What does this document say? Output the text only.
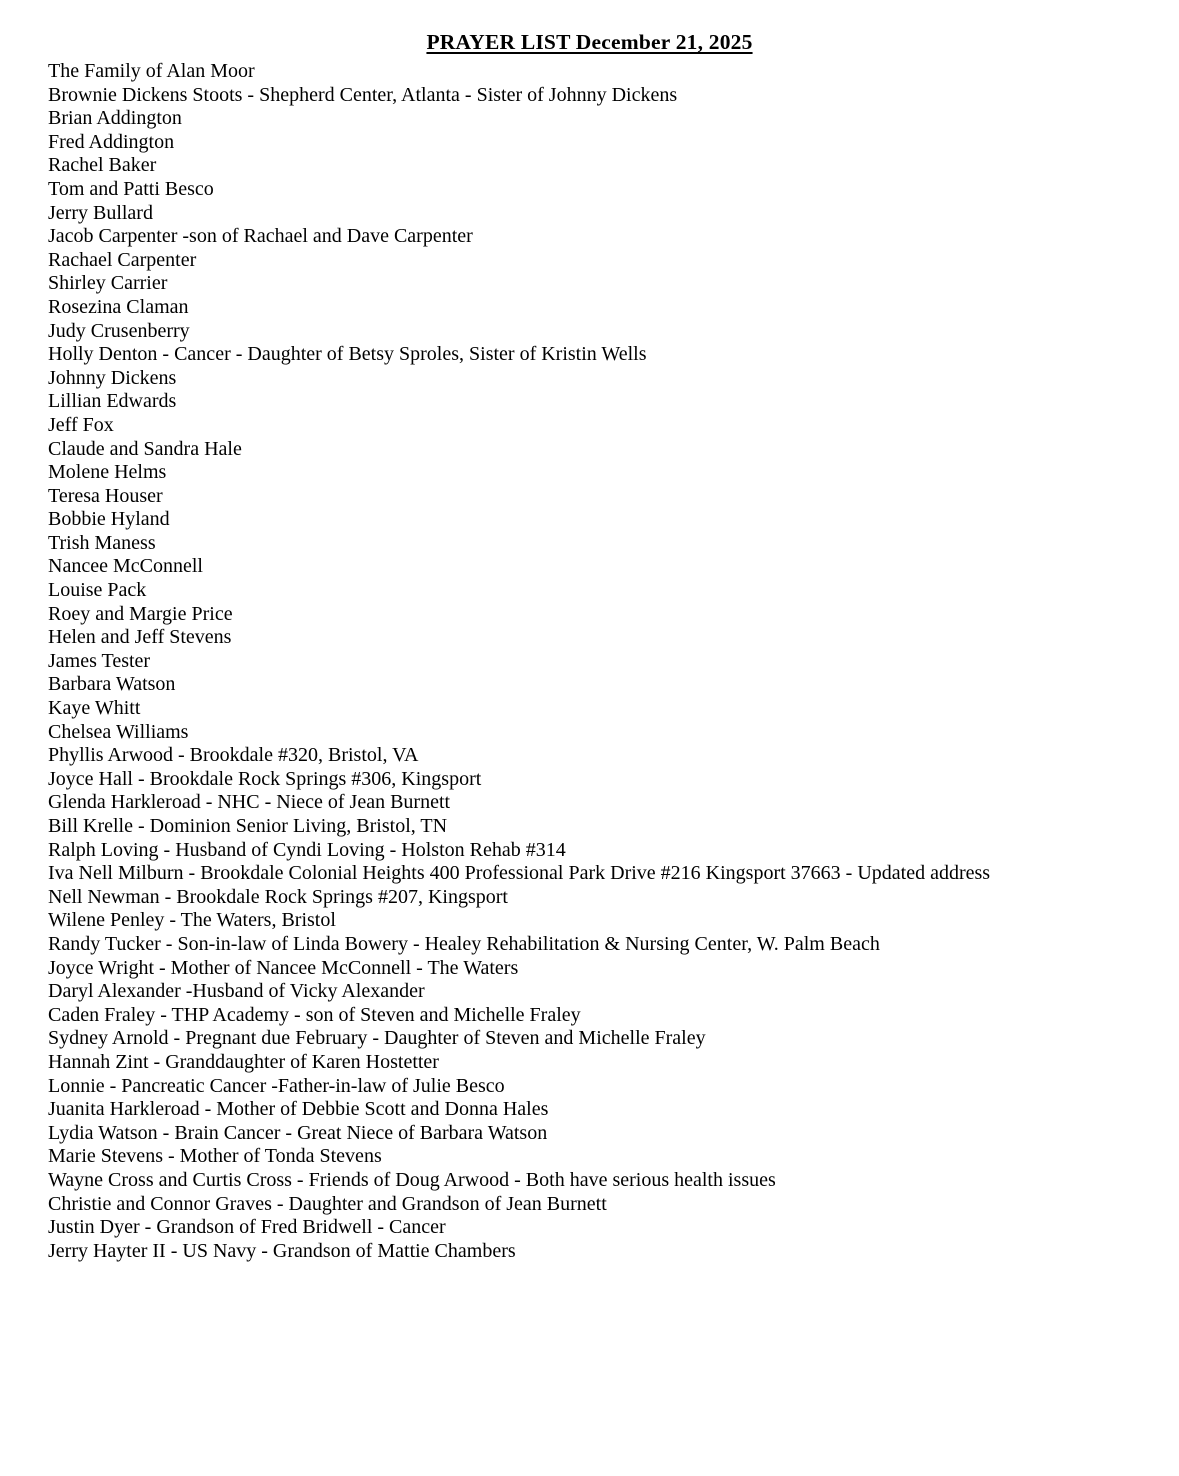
PRAYER LIST December 21, 2025
The Family of Alan Moor
Brownie Dickens Stoots - Shepherd Center, Atlanta - Sister of Johnny Dickens
Brian Addington
Fred Addington
Rachel Baker
Tom and Patti Besco
Jerry Bullard
Jacob Carpenter -son of Rachael and Dave Carpenter
Rachael Carpenter
Shirley Carrier
Rosezina Claman
Judy Crusenberry
Holly Denton - Cancer - Daughter of Betsy Sproles, Sister of Kristin Wells
Johnny Dickens
Lillian Edwards
Jeff Fox
Claude and Sandra Hale
Molene Helms
Teresa Houser
Bobbie Hyland
Trish Maness
Nancee McConnell
Louise Pack
Roey and Margie Price
Helen and Jeff Stevens
James Tester
Barbara Watson
Kaye Whitt
Chelsea Williams
Phyllis Arwood - Brookdale #320, Bristol, VA
Joyce Hall - Brookdale Rock Springs #306, Kingsport
Glenda Harkleroad - NHC - Niece of Jean Burnett
Bill Krelle - Dominion Senior Living, Bristol, TN
Ralph Loving - Husband of Cyndi Loving - Holston Rehab #314
Iva Nell Milburn - Brookdale Colonial Heights 400 Professional Park Drive #216 Kingsport 37663 - Updated address
Nell Newman - Brookdale Rock Springs #207, Kingsport
Wilene Penley - The Waters, Bristol
Randy Tucker - Son-in-law of Linda Bowery - Healey Rehabilitation & Nursing Center, W. Palm Beach
Joyce Wright - Mother of Nancee McConnell - The Waters
Daryl Alexander -Husband of Vicky Alexander
Caden Fraley - THP Academy - son of Steven and Michelle Fraley
Sydney Arnold - Pregnant due February - Daughter of Steven and Michelle Fraley
Hannah Zint - Granddaughter of Karen Hostetter
Lonnie - Pancreatic Cancer -Father-in-law of Julie Besco
Juanita Harkleroad - Mother of Debbie Scott and Donna Hales
Lydia Watson - Brain Cancer - Great Niece of Barbara Watson
Marie Stevens - Mother of Tonda Stevens
Wayne Cross and Curtis Cross - Friends of Doug Arwood - Both have serious health issues
Christie and Connor Graves - Daughter and Grandson of Jean Burnett
Justin Dyer - Grandson of Fred Bridwell - Cancer
Jerry Hayter II - US Navy - Grandson of Mattie Chambers
